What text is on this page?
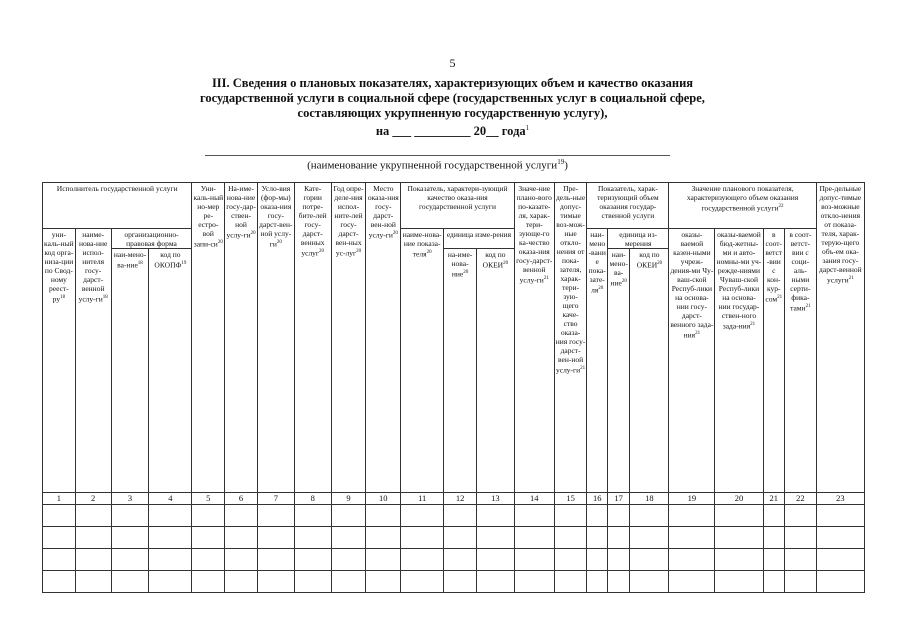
5
III. Сведения о плановых показателях, характеризующих объем и качество оказания
государственной услуги в социальной сфере (государственных услуг в социальной сфере,
составляющих укрупненную государственную услугу),
на ___ _________ 20__ года$^1$
(наименование укрупненной государственной услуги$^{19}$)
Исполнитель государственной услуги				Уни-каль-ный но-мер ре-естро-вой запи-$си^{20}$	На-име-нова-ние госу-дар-ствен-ной услу-$ги^{20}$	Усло-вия (фор-мы) оказа-ния госу-дарст-вен-ной услу-$ги^{20}$	Кате-гории потре-бите-лей госу-дарст-венных услуг$^{20}$	Год опре-деле-ния испол-ните-лей госу-дарст-вен-ных ус-луг$^{20}$	Место оказа-ния госу-дарст-вен-ной услу-$ги^{20}$	Показатель, характери-зующий качество оказа-ния государственной услуги			Значе-ние плано-вого по-казате-ля, харак-тери-зующе-го ка-чество оказа-ния госу-дарст-венной услу-$ги^{21}$	Пре-дель-ные допус-тимые воз-мож-ные откло-нения от пока-зателя, харак-тери-зую-щего каче-ство оказа-ния госу-дарст-вен-ной услу-$ги^{21}$	Показатель, харак-теризующий объем оказания государ-ственной услуги			Значение планового показателя, характеризующего объем оказания государственной услуги$^{22}$				Пре-дельные допус-тимые воз-можные откло-нения от показа-теля, харак-терую-щего объ-ем ока-зания госу-дарст-венной услуги$^{21}$
уни-каль-ный код орга-низа-ции по Свод-ному реест-$ру^{18}$	наиме-нова-ние испол-нителя госу-дарст-венной услу-$ги^{18}$	организационно-правовая форма								наиме-нова-ние показа-теля$^{20}$	единица изме-рения				наи-мено-вание пока-$зате-ля^{20}$	единица из-мерения		оказы-ваемой казен-ными учреж-дения-ми Чу-ваш-ской Респуб-лики на основа-нии госу-дарст-венного зада-ния$^{21}$	оказы-ваемой бюд-жетны-ми и авто-номны-ми уч-режде-ниями Чуваш-ской Респуб-лики на основа-нии государ-ствен-ного зада-ния$^{21}$	в соот-ветст-вии с кон-кур-сом$^{21}$	в соот-ветст-вии с соци-аль-ными серти-фика-тами$^{21}$
		наи-мено-ва-ние$^{18}$	код по ОКОПФ$^{19}$								на-име-нова-ние$^{20}$	код по ОКЕИ$^{20}$				наи-мено-ва-ние$^{20}$	код по ОКЕИ$^{20}$
1	2	3	4	5	6	7	8	9	10	11	12	13	14	15	16	17	18	19	20	21	22	23
